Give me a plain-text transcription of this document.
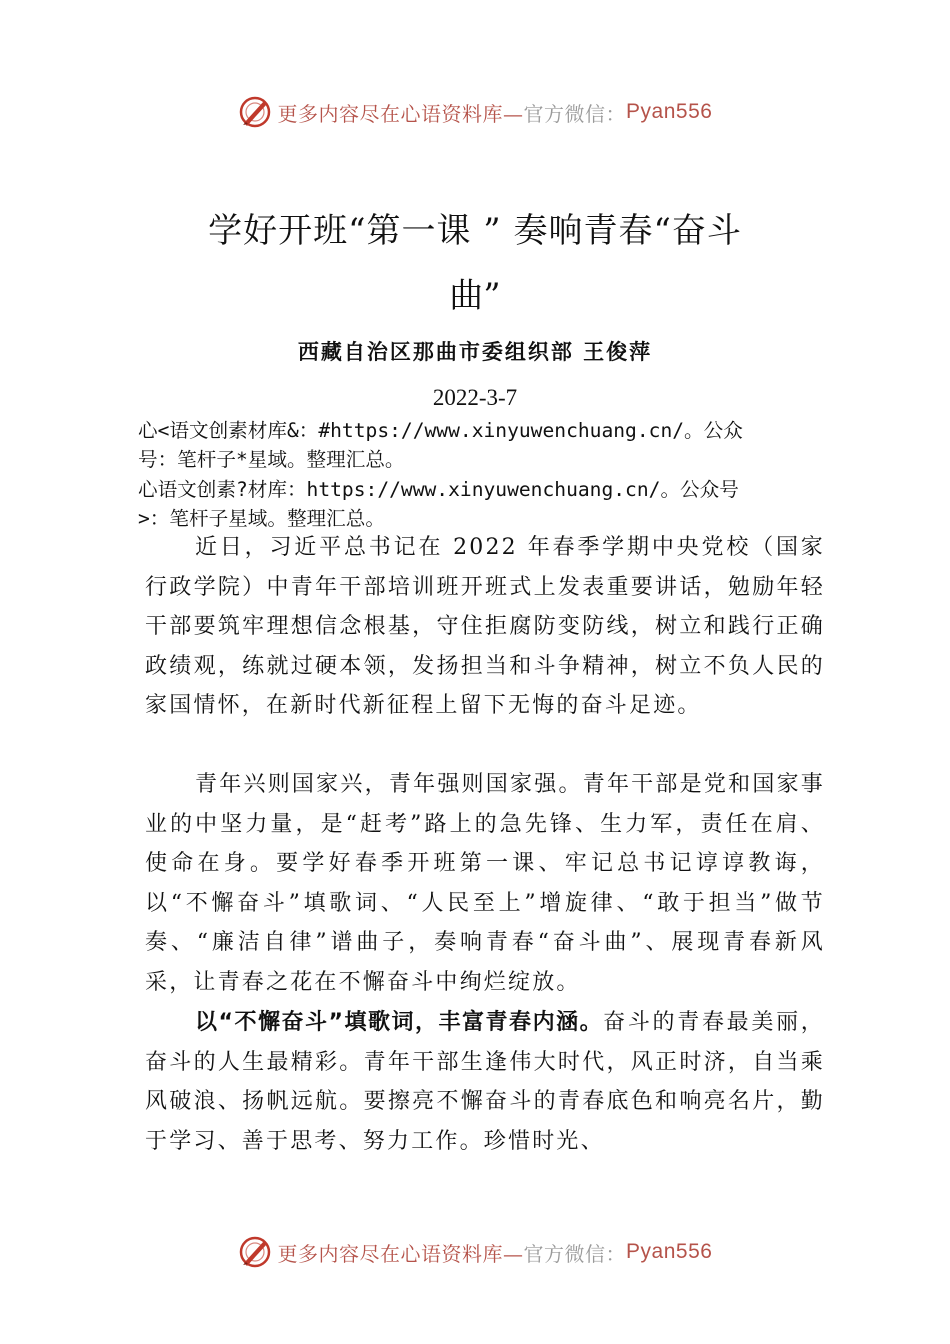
更多内容尽在心语资料库— 官方微信： Pyan556
学好开班“第一课 ” 奏响青春“奋斗
曲”
西藏自治区那曲市委组织部 王俊萍
2022-3-7
心<语文创素材库&：#https://www.xinyuwenchuang.cn/。公众
号：笔杆子*星域。整理汇总。
心语文创素?材库：https://www.xinyuwenchuang.cn/。公众号
>：笔杆子星域。整理汇总。
近日，习近平总书记在 2022 年春季学期中央党校（国家行政学院）中青年干部培训班开班式上发表重要讲话，勉励年轻干部要筑牢理想信念根基，守住拒腐防变防线，树立和践行正确政绩观，练就过硬本领，发扬担当和斗争精神，树立不负人民的家国情怀，在新时代新征程上留下无悔的奋斗足迹。
青年兴则国家兴，青年强则国家强。青年干部是党和国家事业的中坚力量，是“赶考”路上的急先锋、生力军，责任在肩、使命在身。要学好春季开班第一课、牢记总书记谆谆教诲，以“不懈奋斗”填歌词、“人民至上”增旋律、“敢于担当”做节奏、“廉洁自律”谱曲子，奏响青春“奋斗曲”、展现青春新风采，让青春之花在不懈奋斗中绚烂绽放。
以“不懈奋斗”填歌词，丰富青春内涵。奋斗的青春最美丽，奋斗的人生最精彩。青年干部生逢伟大时代，风正时济，自当乘风破浪、扬帆远航。要擦亮不懈奋斗的青春底色和响亮名片，勤于学习、善于思考、努力工作。珍惜时光、
更多内容尽在心语资料库— 官方微信： Pyan556
